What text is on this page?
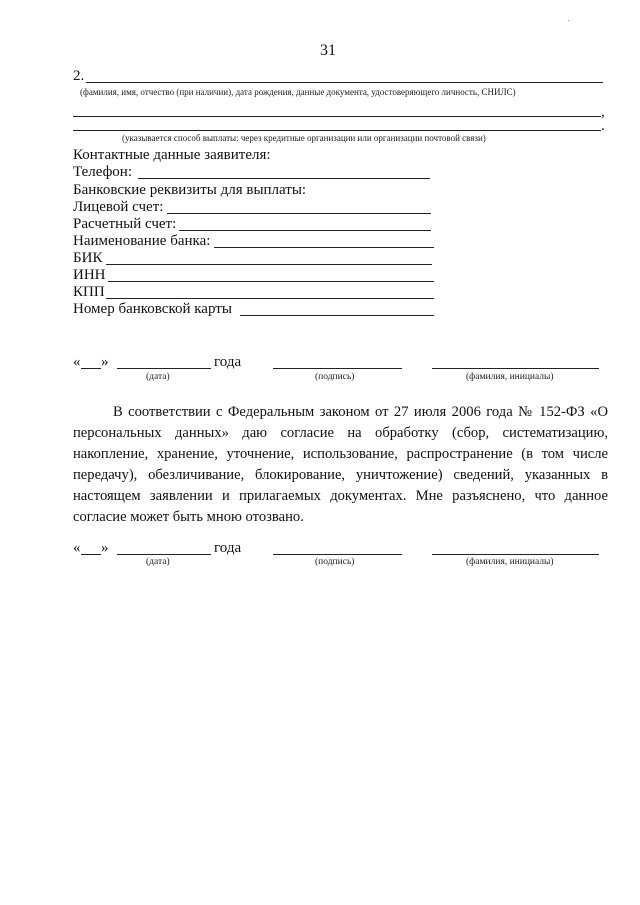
31
2.
(фамилия, имя, отчество (при наличии), дата рождения, данные документа, удостоверяющего личность, СНИЛС)
,
.
(указывается способ выплаты: через кредитные организации или организации почтовой связи)
Контактные данные заявителя:
Телефон:
Банковские реквизиты для выплаты:
Лицевой счет:
Расчетный счет:
Наименование банка:
БИК
ИНН
КПП
Номер банковской карты
« »	года
(дата)	(подпись)	(фамилия, инициалы)
В соответствии с Федеральным законом от 27 июля 2006 года № 152-ФЗ «О персональных данных» даю согласие на обработку (сбор, систематизацию, накопление, хранение, уточнение, использование, распространение (в том числе передачу), обезличивание, блокирование, уничтожение) сведений, указанных в настоящем заявлении и прилагаемых документах. Мне разъяснено, что данное согласие может быть мною отозвано.
« »	года
(дата)	(подпись)	(фамилия, инициалы)
